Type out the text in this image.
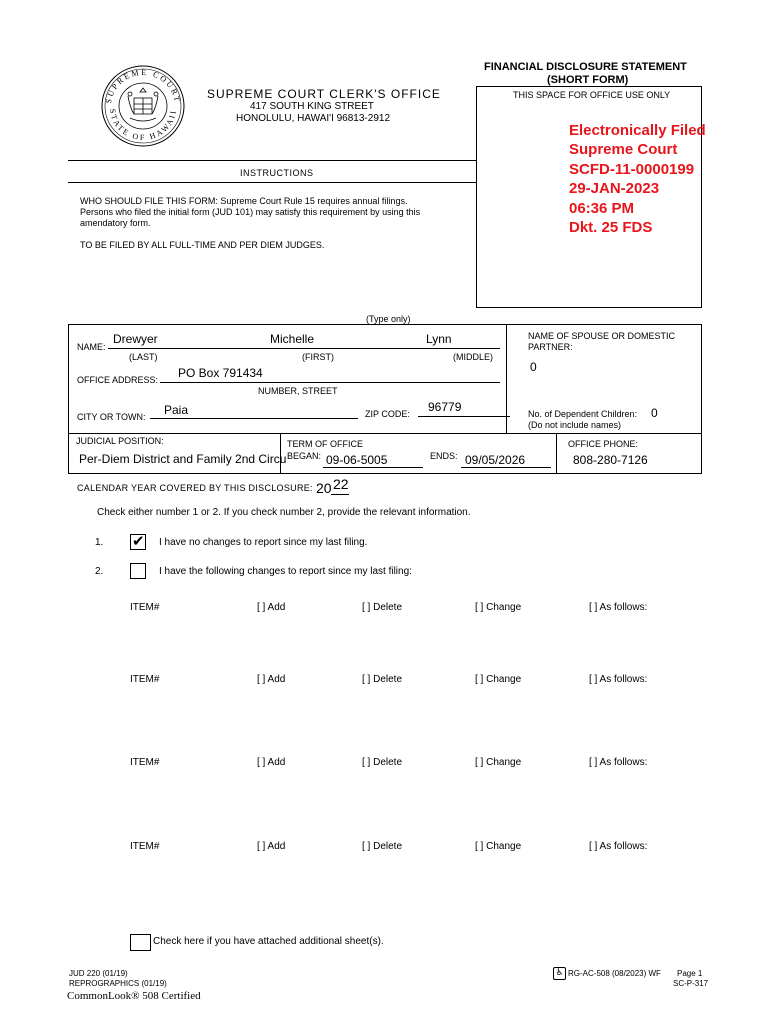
SUPREME COURT
STATE OF HAWAII
SUPREME COURT CLERK'S OFFICE
417 SOUTH KING STREET
HONOLULU, HAWAI'I 96813-2912
FINANCIAL DISCLOSURE STATEMENT
(SHORT FORM)
THIS SPACE FOR OFFICE USE ONLY
Electronically Filed
Supreme Court
SCFD-11-0000199
29-JAN-2023
06:36 PM
Dkt. 25 FDS
INSTRUCTIONS
WHO SHOULD FILE THIS FORM: Supreme Court Rule 15 requires annual filings.
Persons who filed the initial form (JUD 101) may satisfy this requirement by using this
amendatory form.
TO BE FILED BY ALL FULL-TIME AND PER DIEM JUDGES.
(Type only)
NAME:
Drewyer	Michelle	Lynn
(LAST)	(FIRST)	(MIDDLE)
NAME OF SPOUSE OR DOMESTIC
PARTNER:
0
OFFICE ADDRESS: PO Box 791434
NUMBER, STREET
CITY OR TOWN: Paia	ZIP CODE: 96779	No. of Dependent Children: 0
(Do not include names)
JUDICIAL POSITION:
Per-Diem District and Family 2nd Circu
TERM OF OFFICE
BEGAN: 09-06-5005	ENDS: 09/05/2026
OFFICE PHONE:
808-280-7126
CALENDAR YEAR COVERED BY THIS DISCLOSURE: 20 22
Check either number 1 or 2. If you check number 2, provide the relevant information.
1. ✔ I have no changes to report since my last filing.
2.	I have the following changes to report since my last filing:
ITEM#	[ ] Add	[ ] Delete	[ ] Change	[ ] As follows:
ITEM#	[ ] Add	[ ] Delete	[ ] Change	[ ] As follows:
ITEM#	[ ] Add	[ ] Delete	[ ] Change	[ ] As follows:
ITEM#	[ ] Add	[ ] Delete	[ ] Change	[ ] As follows:
Check here if you have attached additional sheet(s).
JUD 220 (01/19)
REPROGRAPHICS (01/19)
CommonLook® 508 Certified
♿ RG-AC-508 (08/2023) WF Page 1
SC-P-317
